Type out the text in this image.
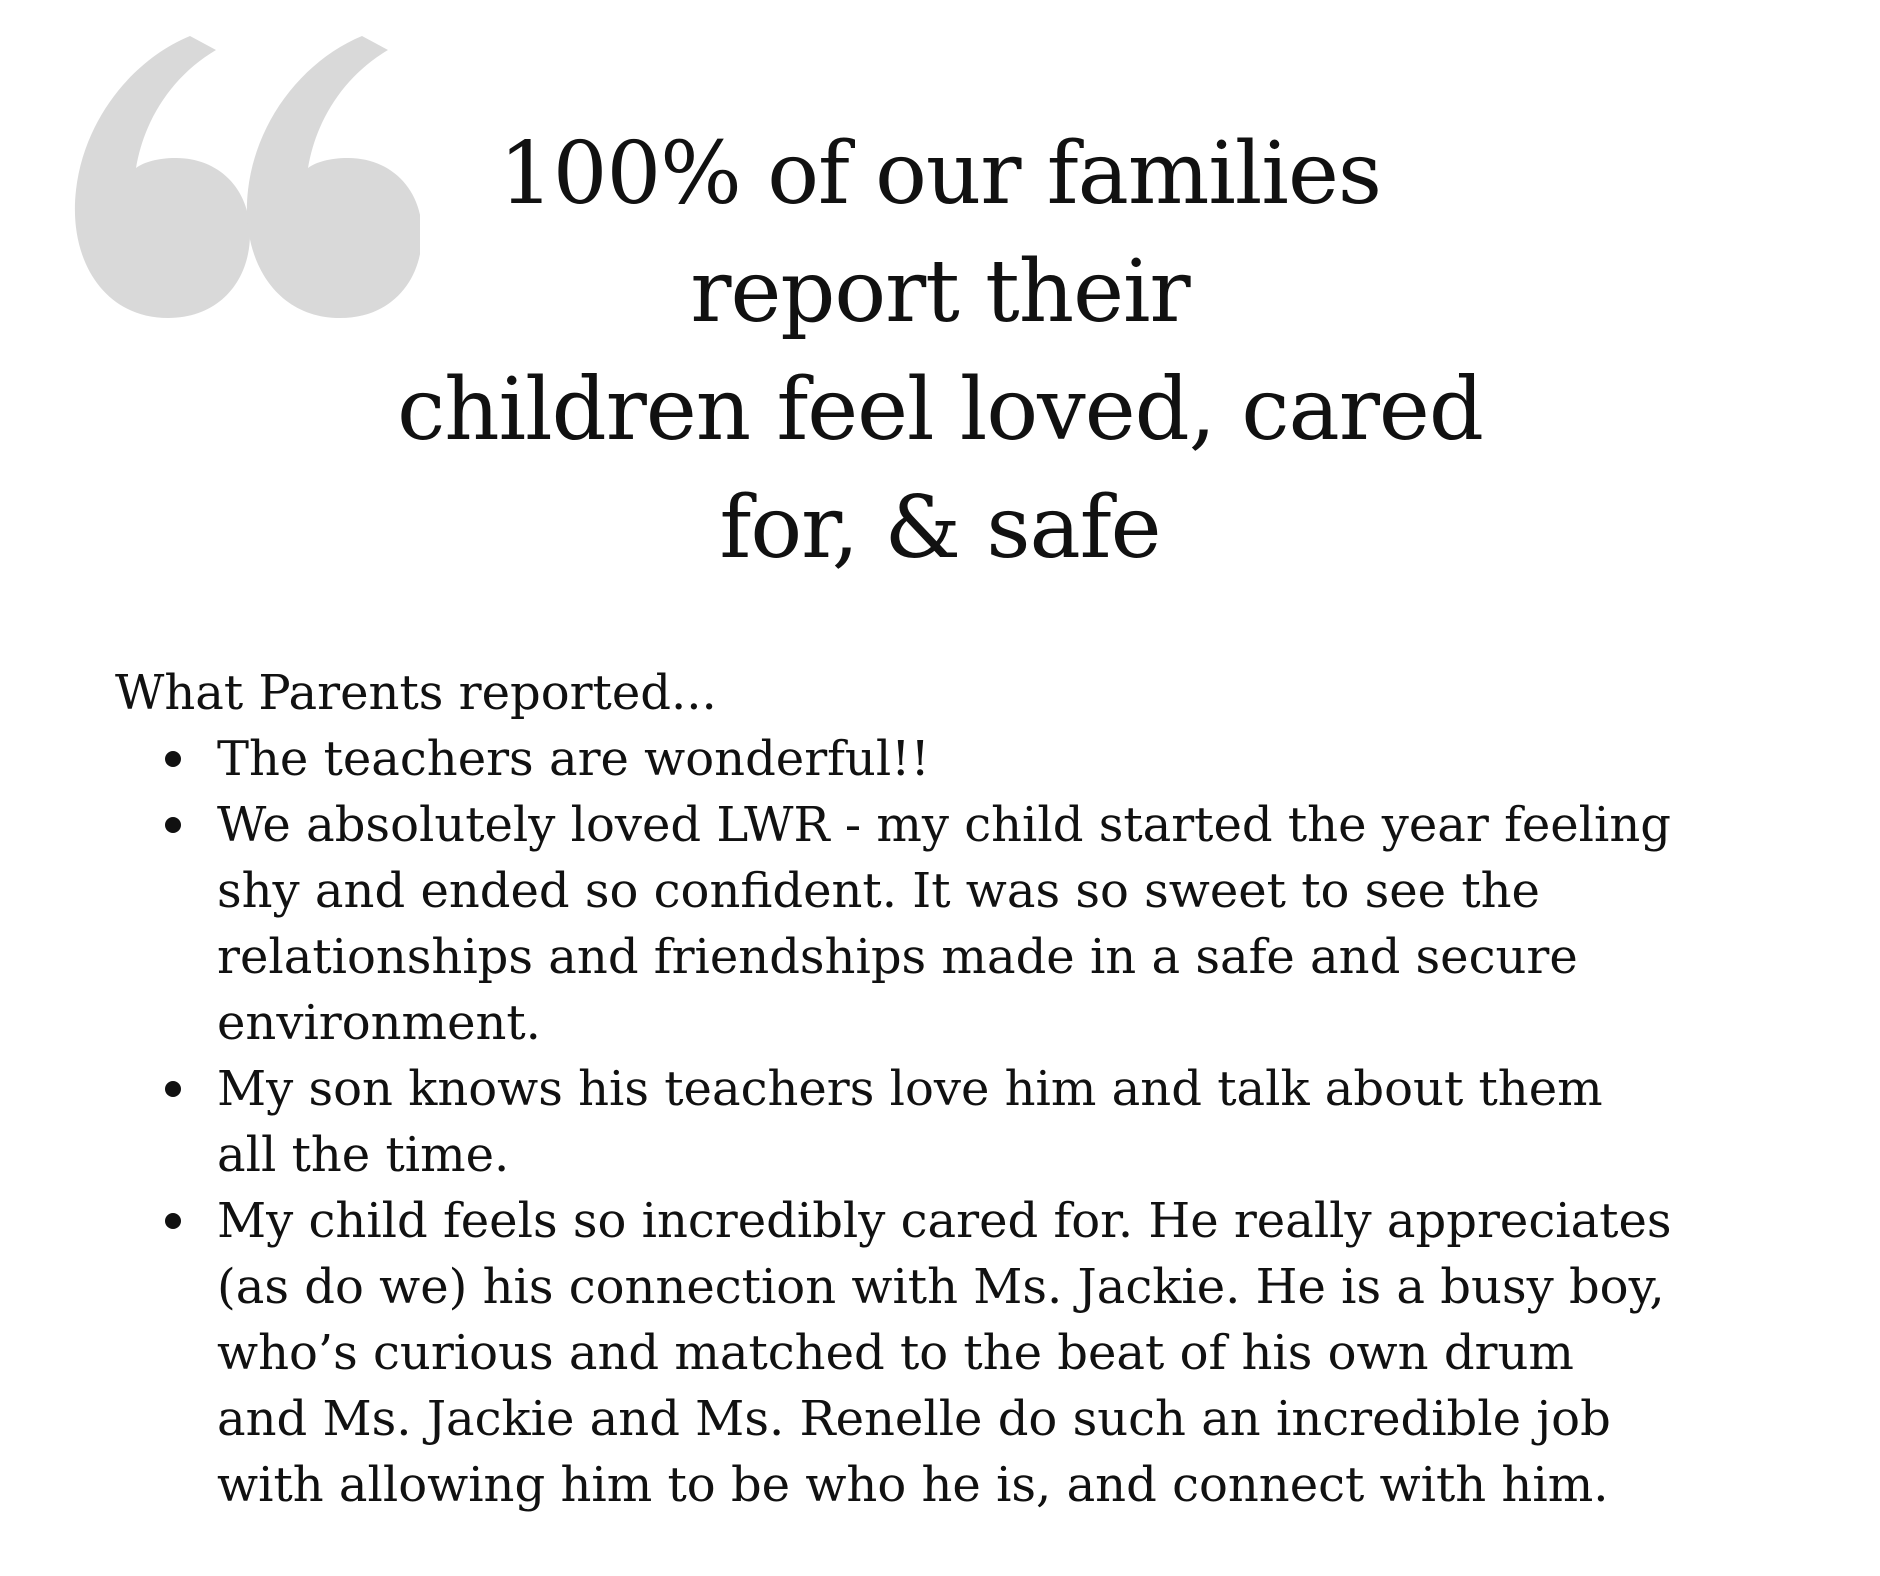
100% of our families
report their
children feel loved, cared
for, & safe

What Parents reported...

The teachers are wonderful!!
We absolutely loved LWR - my child started the year feeling
shy and ended so confident. It was so sweet to see the
relationships and friendships made in a safe and secure
environment.
My son knows his teachers love him and talk about them
all the time.
My child feels so incredibly cared for. He really appreciates
(as do we) his connection with Ms. Jackie. He is a busy boy,
who’s curious and matched to the beat of his own drum
and Ms. Jackie and Ms. Renelle do such an incredible job
with allowing him to be who he is, and connect with him.
